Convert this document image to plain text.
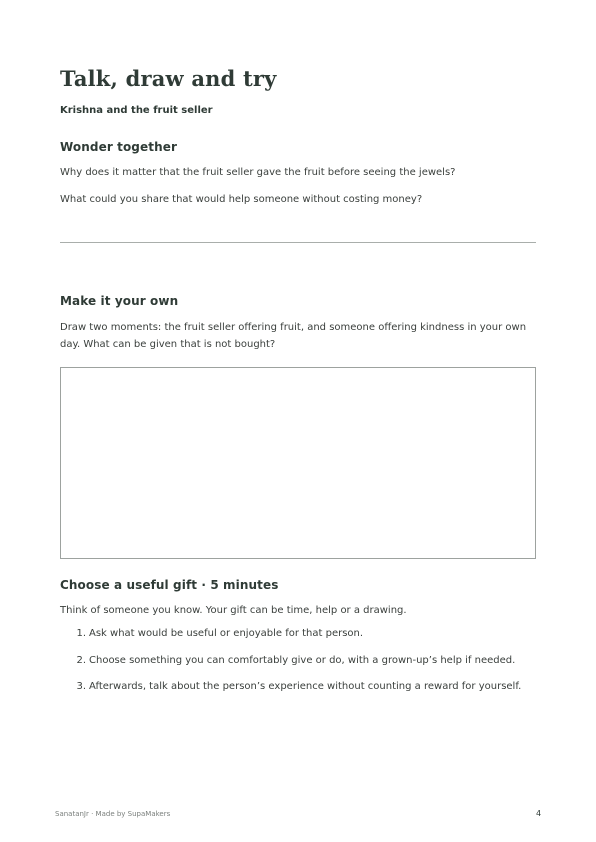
Talk, draw and try
Krishna and the fruit seller
Wonder together

Why does it matter that the fruit seller gave the fruit before seeing the jewels?

What could you share that would help someone without costing money?

Make it your own

Draw two moments: the fruit seller offering fruit, and someone offering kindness in your own day. What can be given that is not bought?

Choose a useful gift · 5 minutes

Think of someone you know. Your gift can be time, help or a drawing.

1. Ask what would be useful or enjoyable for that person.
2. Choose something you can comfortably give or do, with a grown-up’s help if needed.
3. Afterwards, talk about the person’s experience without counting a reward for yourself.
SanatanJr · Made by SupaMakers	4
